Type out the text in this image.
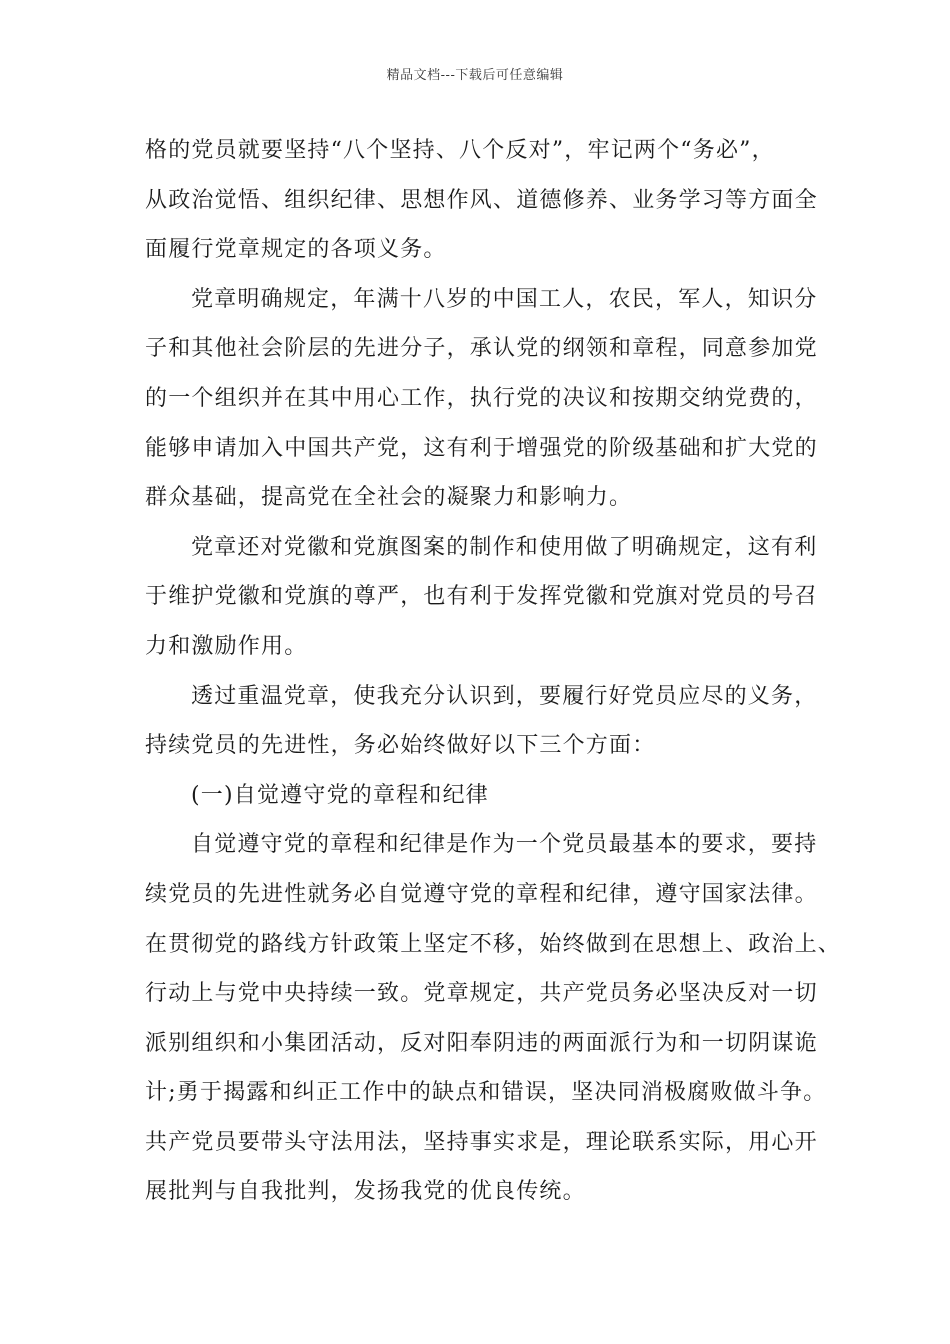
精品文档---下载后可任意编辑
格的党员就要坚持“八个坚持、八个反对”，牢记两个“务必”，
从政治觉悟、组织纪律、思想作风、道德修养、业务学习等方面全
面履行党章规定的各项义务。
党章明确规定，年满十八岁的中国工人，农民，军人，知识分
子和其他社会阶层的先进分子，承认党的纲领和章程，同意参加党
的一个组织并在其中用心工作，执行党的决议和按期交纳党费的，
能够申请加入中国共产党，这有利于增强党的阶级基础和扩大党的
群众基础，提高党在全社会的凝聚力和影响力。
党章还对党徽和党旗图案的制作和使用做了明确规定，这有利
于维护党徽和党旗的尊严，也有利于发挥党徽和党旗对党员的号召
力和激励作用。
透过重温党章，使我充分认识到，要履行好党员应尽的义务，
持续党员的先进性，务必始终做好以下三个方面：
(一)自觉遵守党的章程和纪律
自觉遵守党的章程和纪律是作为一个党员最基本的要求，要持
续党员的先进性就务必自觉遵守党的章程和纪律，遵守国家法律。
在贯彻党的路线方针政策上坚定不移，始终做到在思想上、政治上、
行动上与党中央持续一致。党章规定，共产党员务必坚决反对一切
派别组织和小集团活动，反对阳奉阴违的两面派行为和一切阴谋诡
计;勇于揭露和纠正工作中的缺点和错误，坚决同消极腐败做斗争。
共产党员要带头守法用法，坚持事实求是，理论联系实际，用心开
展批判与自我批判，发扬我党的优良传统。
